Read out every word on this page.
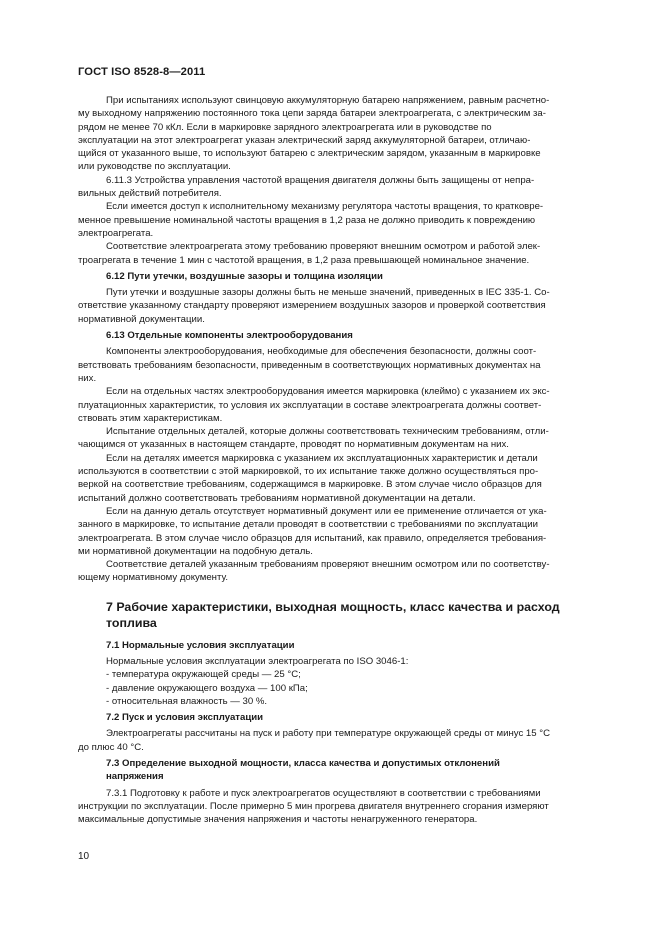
ГОСТ ISO 8528-8—2011
При испытаниях используют свинцовую аккумуляторную батарею напряжением, равным расчетно-
му выходному напряжению постоянного тока цепи заряда батареи электроагрегата, с электрическим за-
рядом не менее 70 кКл. Если в маркировке зарядного электроагрегата или в руководстве по
эксплуатации на этот электроагрегат указан электрический заряд аккумуляторной батареи, отличаю-
щийся от указанного выше, то используют батарею с электрическим зарядом, указанным в маркировке
или руководстве по эксплуатации.
6.11.3 Устройства управления частотой вращения двигателя должны быть защищены от непра-
вильных действий потребителя.
Если имеется доступ к исполнительному механизму регулятора частоты вращения, то кратковре-
менное превышение номинальной частоты вращения в 1,2 раза не должно приводить к повреждению
электроагрегата.
Соответствие электроагрегата этому требованию проверяют внешним осмотром и работой элек-
троагрегата в течение 1 мин с частотой вращения, в 1,2 раза превышающей номинальное значение.
6.12 Пути утечки, воздушные зазоры и толщина изоляции
Пути утечки и воздушные зазоры должны быть не меньше значений, приведенных в IEC 335-1. Со-
ответствие указанному стандарту проверяют измерением воздушных зазоров и проверкой соответствия
нормативной документации.
6.13 Отдельные компоненты электрооборудования
Компоненты электрооборудования, необходимые для обеспечения безопасности, должны соот-
ветствовать требованиям безопасности, приведенным в соответствующих нормативных документах на
них.
Если на отдельных частях электрооборудования имеется маркировка (клеймо) с указанием их экс-
плуатационных характеристик, то условия их эксплуатации в составе электроагрегата должны соответ-
ствовать этим характеристикам.
Испытание отдельных деталей, которые должны соответствовать техническим требованиям, отли-
чающимся от указанных в настоящем стандарте, проводят по нормативным документам на них.
Если на деталях имеется маркировка с указанием их эксплуатационных характеристик и детали
используются в соответствии с этой маркировкой, то их испытание также должно осуществляться про-
веркой на соответствие требованиям, содержащимся в маркировке. В этом случае число образцов для
испытаний должно соответствовать требованиям нормативной документации на детали.
Если на данную деталь отсутствует нормативный документ или ее применение отличается от ука-
занного в маркировке, то испытание детали проводят в соответствии с требованиями по эксплуатации
электроагрегата. В этом случае число образцов для испытаний, как правило, определяется требования-
ми нормативной документации на подобную деталь.
Соответствие деталей указанным требованиям проверяют внешним осмотром или по соответству-
ющему нормативному документу.
7 Рабочие характеристики, выходная мощность, класс качества и расход
топлива
7.1 Нормальные условия эксплуатации
Нормальные условия эксплуатации электроагрегата по ISO 3046-1:
- температура окружающей среды — 25 °C;
- давление окружающего воздуха — 100 кПа;
- относительная влажность — 30 %.
7.2 Пуск и условия эксплуатации
Электроагрегаты рассчитаны на пуск и работу при температуре окружающей среды от минус 15 °C
до плюс 40 °C.
7.3 Определение выходной мощности, класса качества и допустимых отклонений
напряжения
7.3.1 Подготовку к работе и пуск электроагрегатов осуществляют в соответствии с требованиями
инструкции по эксплуатации. После примерно 5 мин прогрева двигателя внутреннего сгорания измеряют
максимальные допустимые значения напряжения и частоты ненагруженного генератора.
10
